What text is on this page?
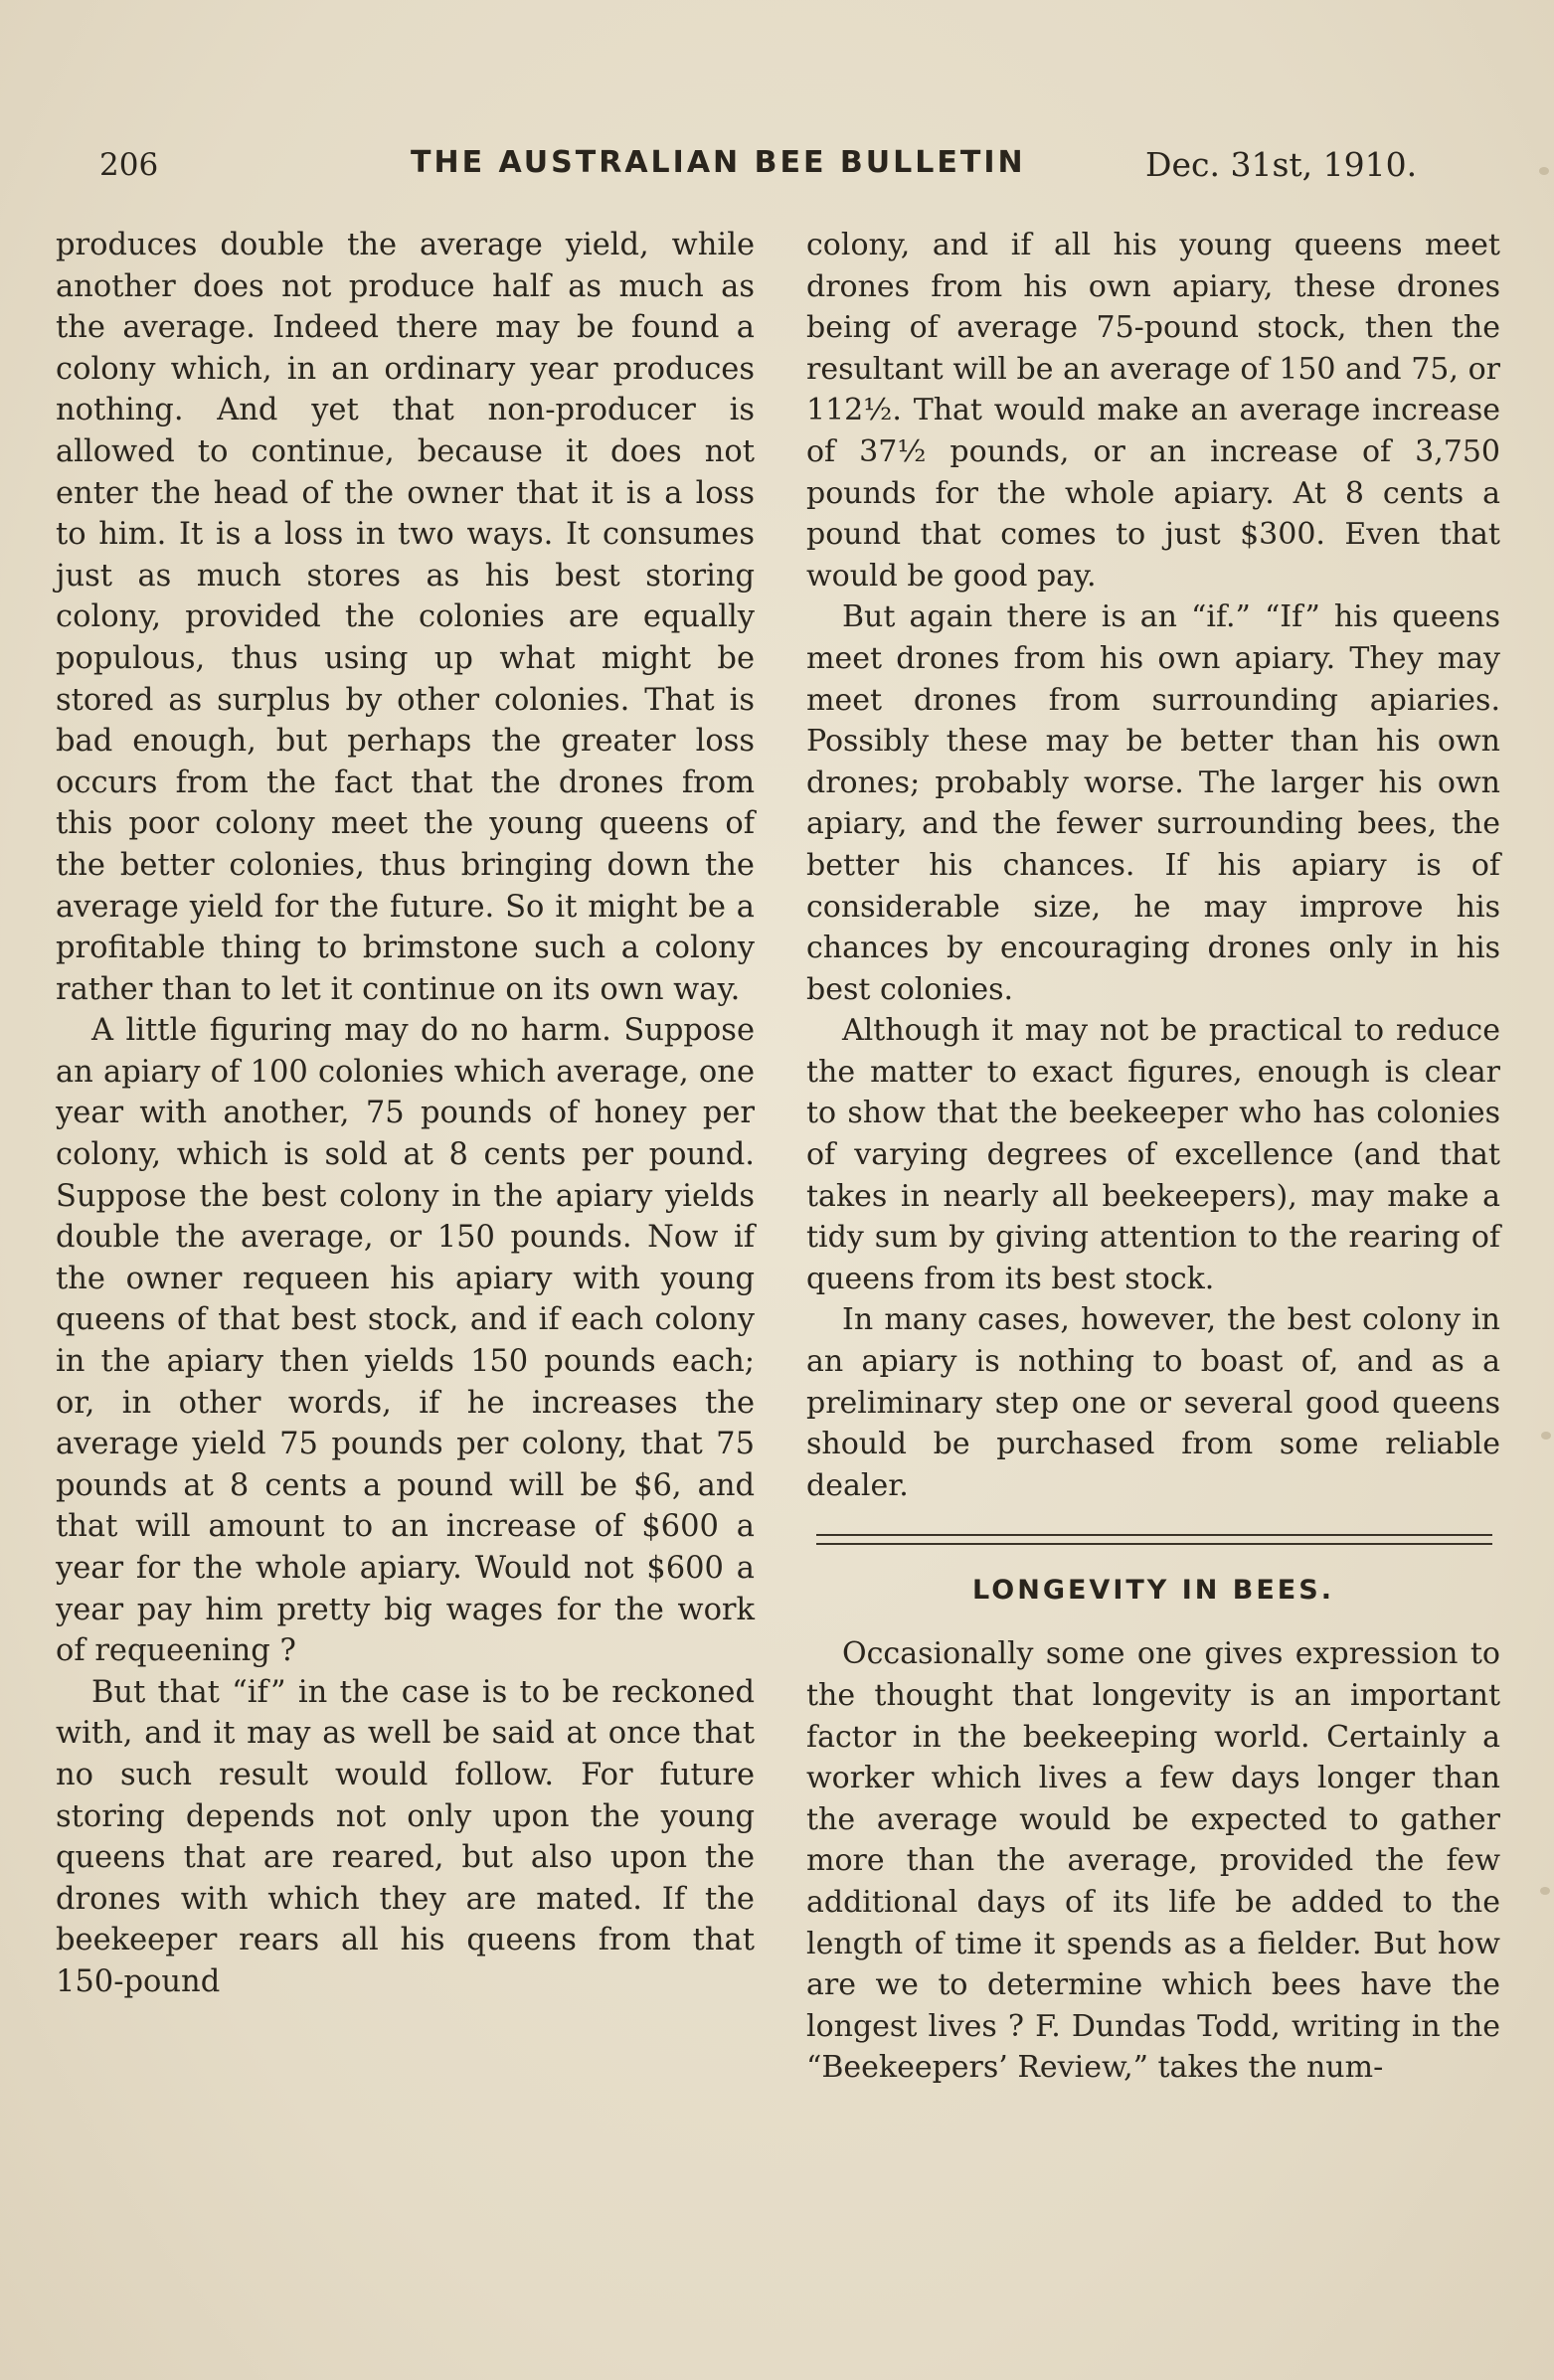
206	THE AUSTRALIAN BEE BULLETIN	Dec. 31st, 1910.

produces double the average yield, while another does not produce half as much as the average. Indeed there may be found a colony which, in an ordinary year produces nothing. And yet that non-producer is allowed to continue, because it does not enter the head of the owner that it is a loss to him. It is a loss in two ways. It consumes just as much stores as his best storing colony, provided the colonies are equally populous, thus using up what might be stored as surplus by other colonies. That is bad enough, but perhaps the greater loss occurs from the fact that the drones from this poor colony meet the young queens of the better colonies, thus bringing down the average yield for the future. So it might be a profitable thing to brimstone such a colony rather than to let it continue on its own way.

A little figuring may do no harm. Suppose an apiary of 100 colonies which average, one year with another, 75 pounds of honey per colony, which is sold at 8 cents per pound. Suppose the best colony in the apiary yields double the average, or 150 pounds. Now if the owner requeen his apiary with young queens of that best stock, and if each colony in the apiary then yields 150 pounds each; or, in other words, if he increases the average yield 75 pounds per colony, that 75 pounds at 8 cents a pound will be $6, and that will amount to an increase of $600 a year for the whole apiary. Would not $600 a year pay him pretty big wages for the work of requeening ?

But that “if” in the case is to be reckoned with, and it may as well be said at once that no such result would follow. For future storing depends not only upon the young queens that are reared, but also upon the drones with which they are mated. If the beekeeper rears all his queens from that 150-pound

colony, and if all his young queens meet drones from his own apiary, these drones being of average 75-pound stock, then the resultant will be an average of 150 and 75, or 112½. That would make an average increase of 37½ pounds, or an increase of 3,750 pounds for the whole apiary. At 8 cents a pound that comes to just $300. Even that would be good pay.

But again there is an “if.” “If” his queens meet drones from his own apiary. They may meet drones from surrounding apiaries. Possibly these may be better than his own drones; probably worse. The larger his own apiary, and the fewer surrounding bees, the better his chances. If his apiary is of considerable size, he may improve his chances by encouraging drones only in his best colonies.

Although it may not be practical to reduce the matter to exact figures, enough is clear to show that the beekeeper who has colonies of varying degrees of excellence (and that takes in nearly all beekeepers), may make a tidy sum by giving attention to the rearing of queens from its best stock.

In many cases, however, the best colony in an apiary is nothing to boast of, and as a preliminary step one or several good queens should be purchased from some reliable dealer.

LONGEVITY IN BEES.

Occasionally some one gives expression to the thought that longevity is an important factor in the beekeeping world. Certainly a worker which lives a few days longer than the average would be expected to gather more than the average, provided the few additional days of its life be added to the length of time it spends as a fielder. But how are we to determine which bees have the longest lives ? F. Dundas Todd, writing in the “Beekeepers’ Review,” takes the num-
